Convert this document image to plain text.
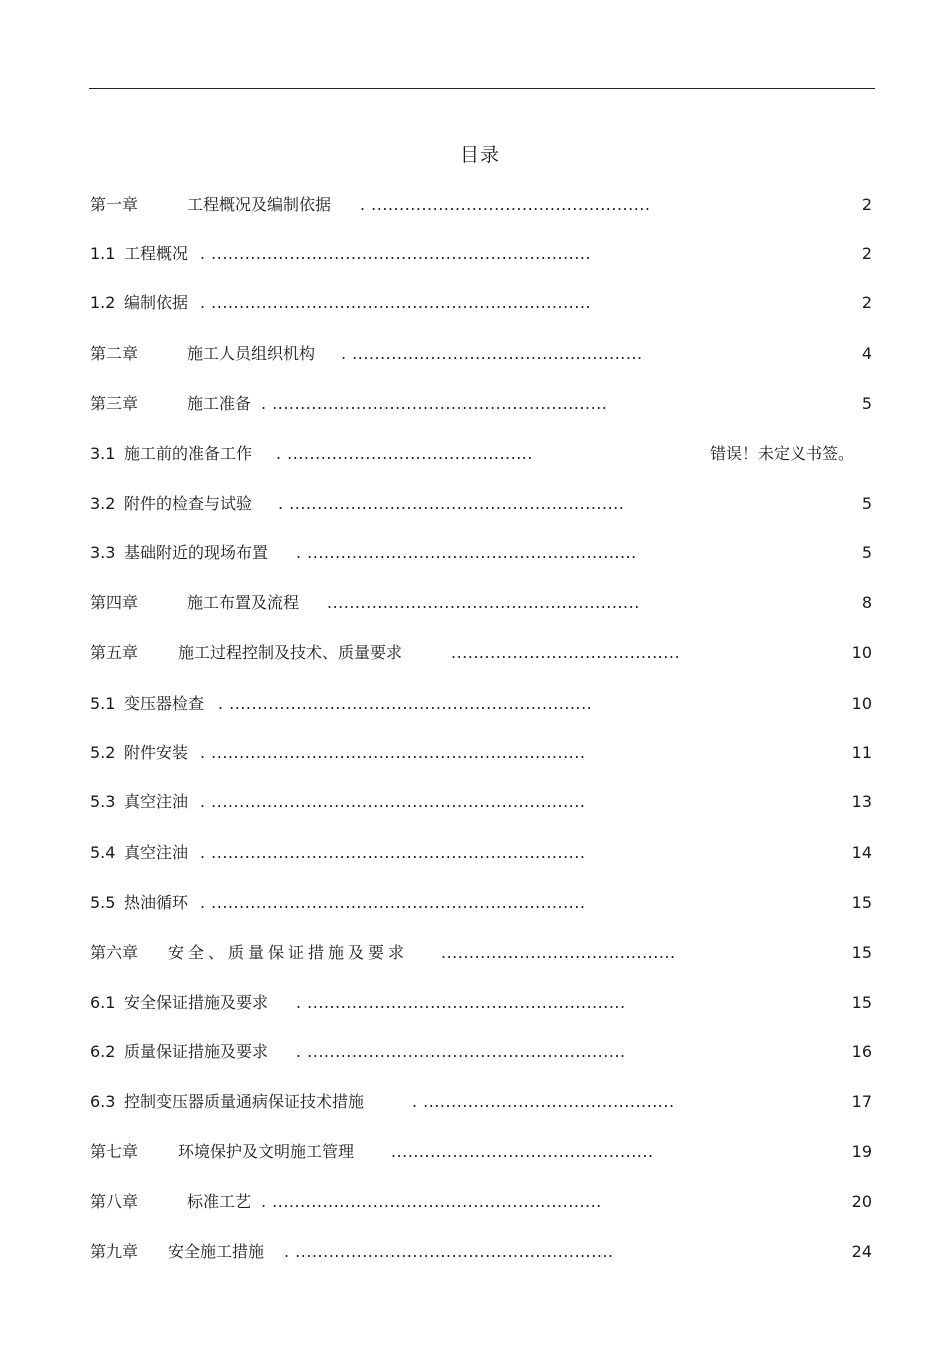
目录
第一章	工程概况及编制依据 . ..................................................	2
1.1 工程概况 . ....................................................................	2
1.2 编制依据 . ....................................................................	2
第二章	施工人员组织机构 . ....................................................	4
第三章	施工准备 . ............................................................	5
3.1 施工前的准备工作 . ............................................	错误！未定义书签。
3.2 附件的检查与试验 . ............................................................	5
3.3 基础附近的现场布置 . ...........................................................	5
第四章	施工布置及流程 ........................................................	8
第五章 施工过程控制及技术、质量要求	.........................................	10
5.1 变压器检查 . .................................................................	10
5.2 附件安装 . ...................................................................	11
5.3 真空注油 . ...................................................................	13
5.4 真空注油 . ...................................................................	14
5.5 热油循环 . ...................................................................	15
第六章 安全、质量保证措施及要求 ..........................................	15
6.1 安全保证措施及要求 . .........................................................	15
6.2 质量保证措施及要求 . .........................................................	16
6.3 控制变压器质量通病保证技术措施	. .............................................	17
第七章 环境保护及文明施工管理 ...............................................	19
第八章	标准工艺 . ...........................................................	20
第九章 安全施工措施 . .........................................................	24
